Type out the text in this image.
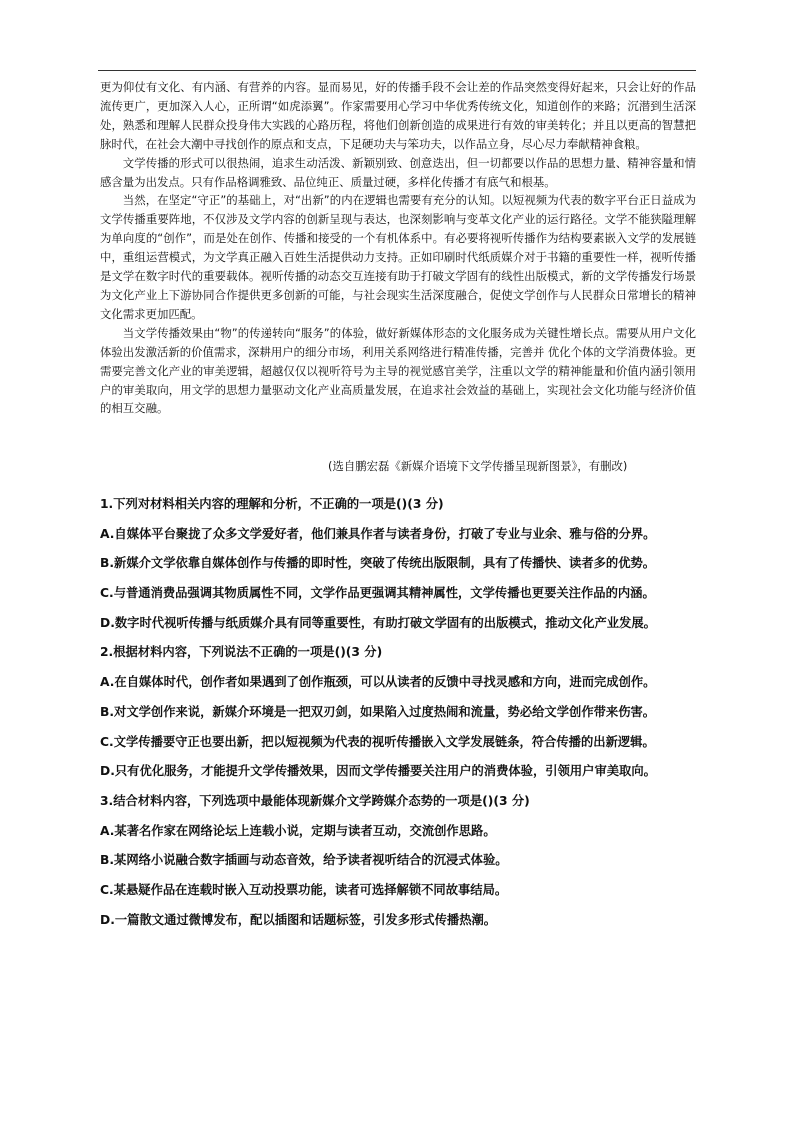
更为仰仗有文化、有内涵、有营养的内容。显而易见，好的传播手段不会让差的作品突然变得好起来，只会让好的作品流传更广，更加深入人心，正所谓“如虎添翼”。作家需要用心学习中华优秀传统文化，知道创作的来路；沉潜到生活深处，熟悉和理解人民群众投身伟大实践的心路历程，将他们创新创造的成果进行有效的审美转化；并且以更高的智慧把脉时代，在社会大潮中寻找创作的原点和支点，下足硬功夫与笨功夫，以作品立身，尽心尽力奉献精神食粮。

文学传播的形式可以很热闹，追求生动活泼、新颖别致、创意迭出，但一切都要以作品的思想力量、精神容量和情感含量为出发点。只有作品格调雅致、品位纯正、质量过硬，多样化传播才有底气和根基。

当然，在坚定“守正”的基础上，对“出新”的内在逻辑也需要有充分的认知。以短视频为代表的数字平台正日益成为文学传播重要阵地，不仅涉及文学内容的创新呈现与表达，也深刻影响与变革文化产业的运行路径。文学不能狭隘理解为单向度的“创作”，而是处在创作、传播和接受的一个有机体系中。有必要将视听传播作为结构要素嵌入文学的发展链中，重组运营模式，为文学真正融入百姓生活提供动力支持。正如印刷时代纸质媒介对于书籍的重要性一样，视听传播是文学在数字时代的重要载体。视听传播的动态交互连接有助于打破文学固有的线性出版模式，新的文学传播发行场景为文化产业上下游协同合作提供更多创新的可能，与社会现实生活深度融合，促使文学创作与人民群众日常增长的精神文化需求更加匹配。

当文学传播效果由“物”的传递转向“服务”的体验，做好新媒体形态的文化服务成为关键性增长点。需要从用户文化体验出发激活新的价值需求，深耕用户的细分市场，利用关系网络进行精准传播，完善并 优化个体的文学消费体验。更需要完善文化产业的审美逻辑，超越仅仅以视听符号为主导的视觉感官美学，注重以文学的精神能量和价值内涵引领用户的审美取向，用文学的思想力量驱动文化产业高质量发展，在追求社会效益的基础上，实现社会文化功能与经济价值的相互交融。

(选自鹏宏磊《新媒介语境下文学传播呈现新图景》，有删改)
1.下列对材料相关内容的理解和分析，不正确的一项是()(3 分)
A.自媒体平台聚拢了众多文学爱好者，他们兼具作者与读者身份，打破了专业与业余、雅与俗的分界。
B.新媒介文学依靠自媒体创作与传播的即时性，突破了传统出版限制，具有了传播快、读者多的优势。
C.与普通消费品强调其物质属性不同，文学作品更强调其精神属性，文学传播也更要关注作品的内涵。
D.数字时代视听传播与纸质媒介具有同等重要性，有助打破文学固有的出版模式，推动文化产业发展。
2.根据材料内容，下列说法不正确的一项是()(3 分)
A.在自媒体时代，创作者如果遇到了创作瓶颈，可以从读者的反馈中寻找灵感和方向，进而完成创作。
B.对文学创作来说，新媒介环境是一把双刃剑，如果陷入过度热闹和流量，势必给文学创作带来伤害。
C.文学传播要守正也要出新，把以短视频为代表的视听传播嵌入文学发展链条，符合传播的出新逻辑。
D.只有优化服务，才能提升文学传播效果，因而文学传播要关注用户的消费体验，引领用户审美取向。
3.结合材料内容，下列选项中最能体现新媒介文学跨媒介态势的一项是()(3 分)
A.某著名作家在网络论坛上连载小说，定期与读者互动，交流创作思路。
B.某网络小说融合数字插画与动态音效，给予读者视听结合的沉浸式体验。
C.某悬疑作品在连载时嵌入互动投票功能，读者可选择解锁不同故事结局。
D.一篇散文通过微博发布，配以插图和话题标签，引发多形式传播热潮。
